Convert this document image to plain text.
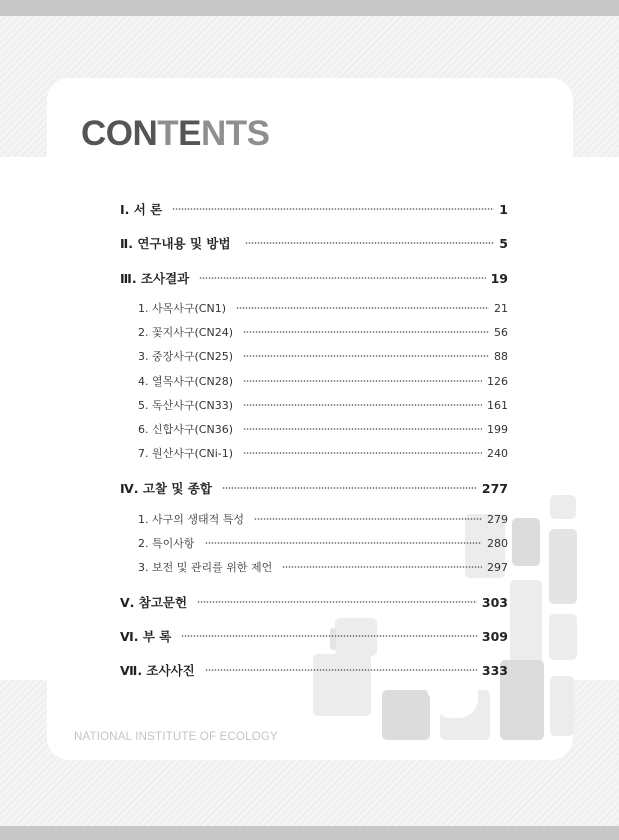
CONTENTS
Ⅰ. 서 론	1
Ⅱ. 연구내용 및 방법	5
Ⅲ. 조사결과	19
1. 사목사구(CN1)	21
2. 꽃지사구(CN24)	56
3. 중장사구(CN25)	88
4. 열목사구(CN28)	126
5. 독산사구(CN33)	161
6. 신합사구(CN36)	199
7. 원산사구(CNi-1)	240
Ⅳ. 고찰 및 종합	277
1. 사구의 생태적 특성	279
2. 특이사항	280
3. 보전 및 관리를 위한 제언	297
Ⅴ. 참고문헌	303
Ⅵ. 부 록	309
Ⅶ. 조사사진	333
NATIONAL INSTITUTE OF ECOLOGY
